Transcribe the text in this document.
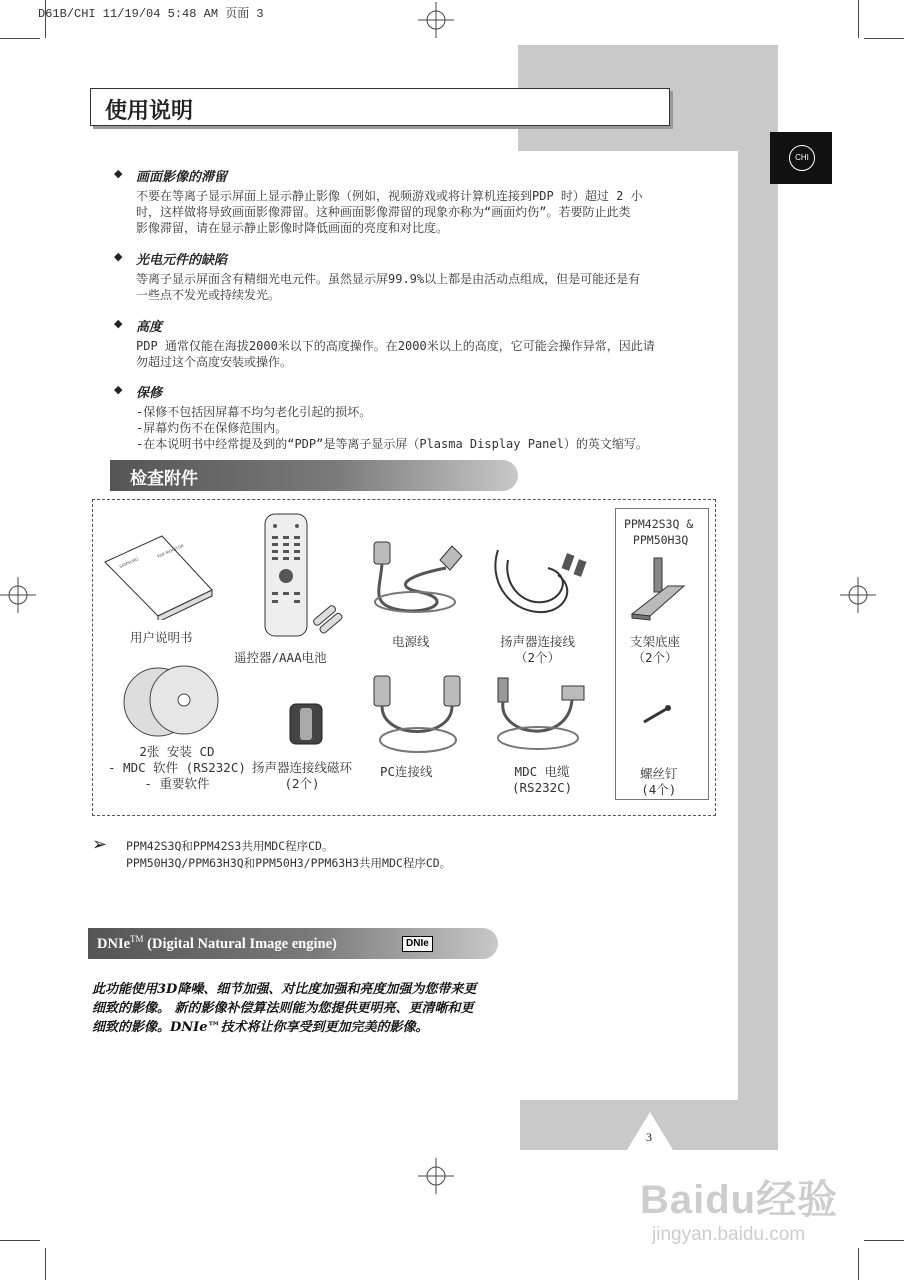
D61B/CHI 11/19/04 5:48 AM 页面 3
使用说明
CHI
◆ 画面影像的滞留
不要在等离子显示屏面上显示静止影像（例如，视频游戏或将计算机连接到PDP 时）超过 2 小
时，这样做将导致画面影像滞留。这种画面影像滞留的现象亦称为“画面灼伤”。若要防止此类
影像滞留，请在显示静止影像时降低画面的亮度和对比度。
◆ 光电元件的缺陷
等离子显示屏面含有精细光电元件。虽然显示屏99.9%以上都是由活动点组成，但是可能还是有
一些点不发光或持续发光。
◆ 高度
PDP 通常仅能在海拔2000米以下的高度操作。在2000米以上的高度，它可能会操作异常，因此请
勿超过这个高度安装或操作。
◆ 保修
-保修不包括因屏幕不均匀老化引起的损坏。
-屏幕灼伤不在保修范围内。
-在本说明书中经常提及到的“PDP”是等离子显示屏（Plasma Display Panel）的英文缩写。
检查附件
SAMSUNG
PDP MONITOR
用户说明书
遥控器/AAA电池
电源线	扬声器连接线
（2个）
PPM42S3Q &
PPM50H3Q
支架底座
（2个）
2张 安装 CD
- MDC 软件 (RS232C)
- 重要软件
扬声器连接线磁环
(2个)
PC连接线	MDC 电缆
(RS232C)
螺丝钉
(4个)
➢ PPM42S3Q和PPM42S3共用MDC程序CD。
PPM50H3Q/PPM63H3Q和PPM50H3/PPM63H3共用MDC程序CD。
DNIe™ (Digital Natural Image engine)	DNIe
此功能使用3D降噪、细节加强、对比度加强和亮度加强为您带来更
细致的影像。 新的影像补偿算法则能为您提供更明亮、更清晰和更
细致的影像。DNIe™技术将让你享受到更加完美的影像。
3
Baidu经验
jingyan.baidu.com
